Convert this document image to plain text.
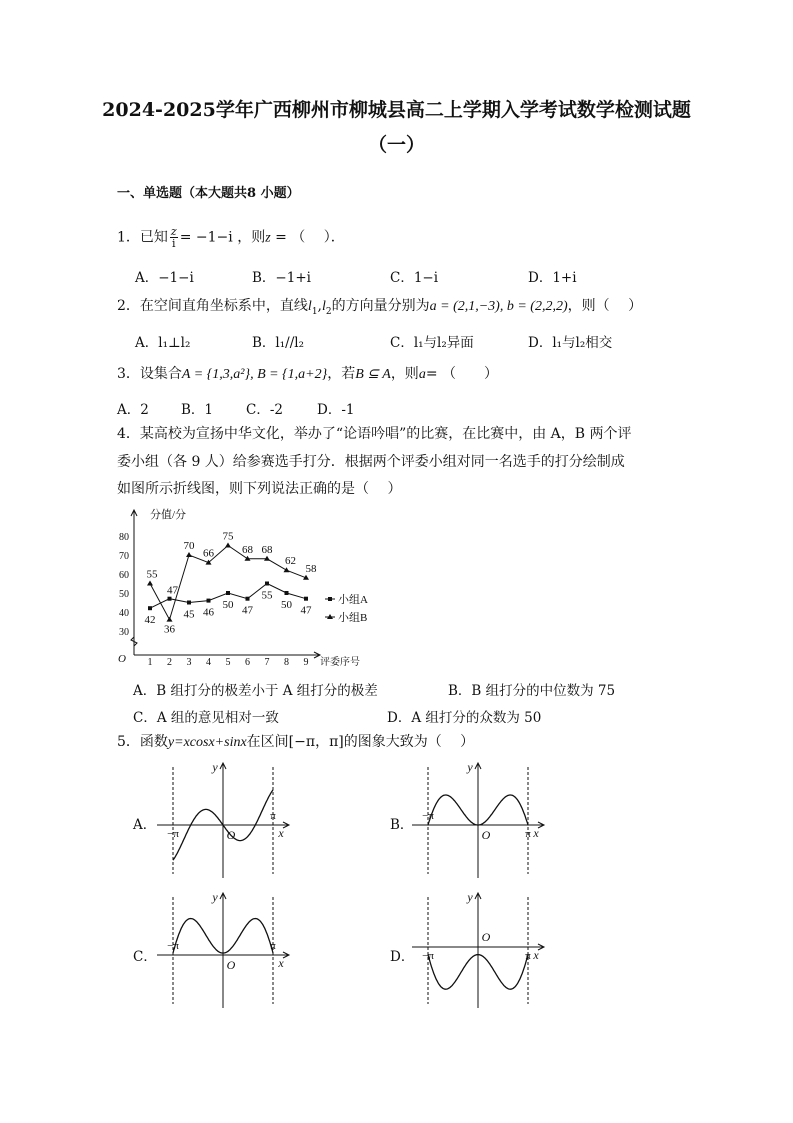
2024-2025学年广西柳州市柳城县高二上学期入学考试数学检测试题
（一）
一、单选题（本大题共8 小题）
1．已知 $\frac{z}{i} = -1-i$ ，则z = （　 ）．
A．−1−i	B．−1+i	C．1−i	D．1+i
2．在空间直角坐标系中，直线$l_1,l_2$的方向量分别为a = (2,1,−3), b = (2,2,2)，则（　 ）
A．l₁⊥l₂	B．l₁//l₂	C．l₁与l₂异面	D．l₁与l₂相交
3．设集合A = {1,3,a²}, B = {1,a+2}，若B ⊆ A，则a= （　　）
A．2 B．1 C．-2	D．-1
4．某高校为宣扬中华文化，举办了“论语吟唱”的比赛，在比赛中，由 A，B 两个评
委小组（各 9 人）给参赛选手打分．根据两个评委小组对同一名选手的打分绘制成
如图所示折线图，则下列说法正确的是（　 ）
分值/分
评委序号
O
30
40
50
60
70
80
1 2 3 4 5 6 7 8 9
42	45 46
50 47
55
50 47
47
55
36
70
66
75
68 68
62
58
小组A
小组B
A．B 组打分的极差小于 A 组打分的极差	B．B 组打分的中位数为 75
C．A 组的意见相对一致	D．A 组打分的众数为 50
5．函数y=xcosx+sinx在区间[−π，π]的图象大致为（　 ）
A．	B．
C．	D．
y
x
O
−π
π
y
x
O
−π
π
y
x
O
−π	π
y
x
O
−π	π
